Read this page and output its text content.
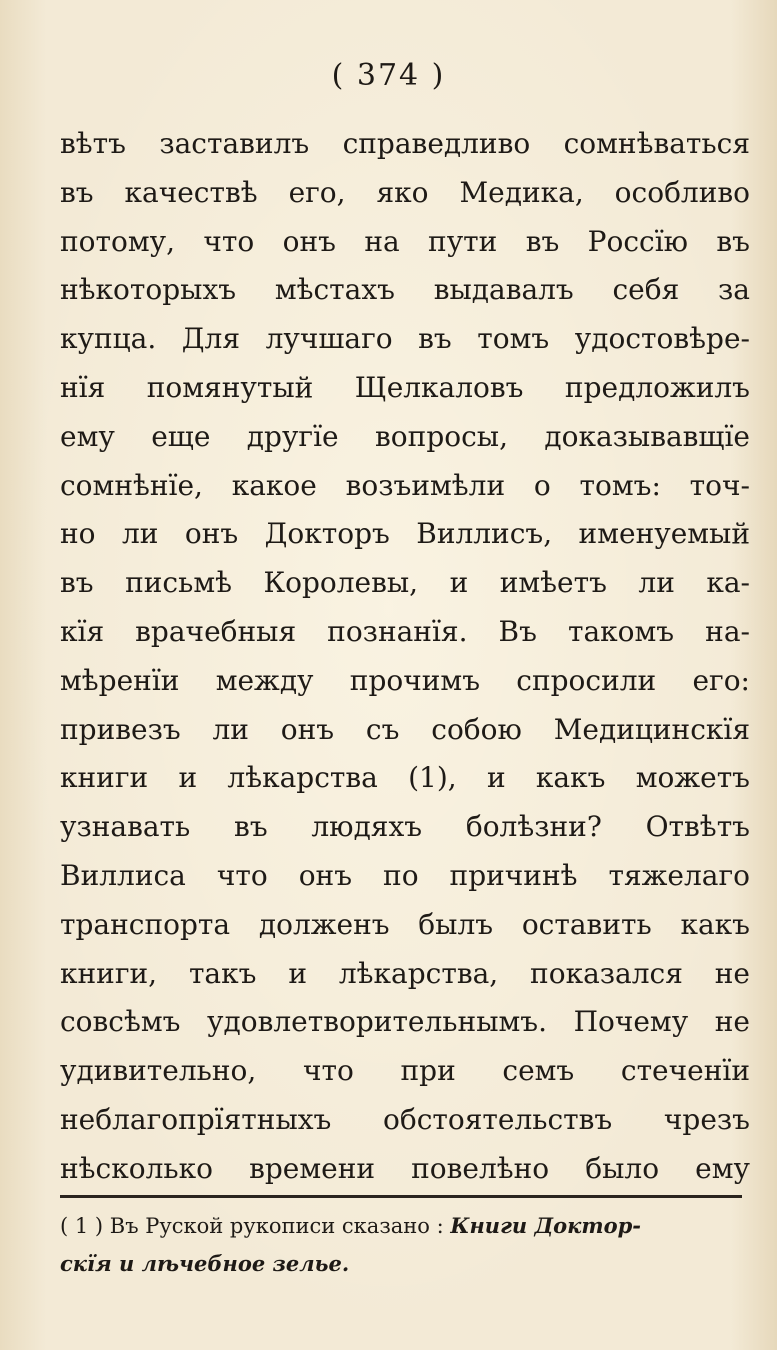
( 374 )
вѣтъ заставилъ справедливо сомнѣваться
въ качествѣ его, яко Медика, особливо
потому, что онъ на пути въ Россїю въ
нѣкоторыхъ мѣстахъ выдавалъ себя за
купца. Для лучшаго въ томъ удостовѣре-
нїя помянутый Щелкаловъ предложилъ
ему еще другїе вопросы, доказывавщїе
сомнѣнїе, какое возъимѣли о томъ: точ-
но ли онъ Докторъ Виллисъ, именуемый
въ письмѣ Королевы, и имѣетъ ли ка-
кїя врачебныя познанїя. Въ такомъ на-
мѣренїи между прочимъ спросили его:
привезъ ли онъ съ собою Медицинскїя
книги и лѣкарства (1), и какъ можетъ
узнавать въ людяхъ болѣзни? Отвѣтъ
Виллиса что онъ по причинѣ тяжелаго
транспорта долженъ былъ оставить какъ
книги, такъ и лѣкарства, показался не
совсѣмъ удовлетворительнымъ. Почему не
удивительно, что при семъ стеченїи
неблагопрїятныхъ обстоятельствъ чрезъ
нѣсколько времени повелѣно было ему
( 1 ) Въ Руской рукописи сказано : Книги Доктор-
скїя и лѣчебное зелье.
